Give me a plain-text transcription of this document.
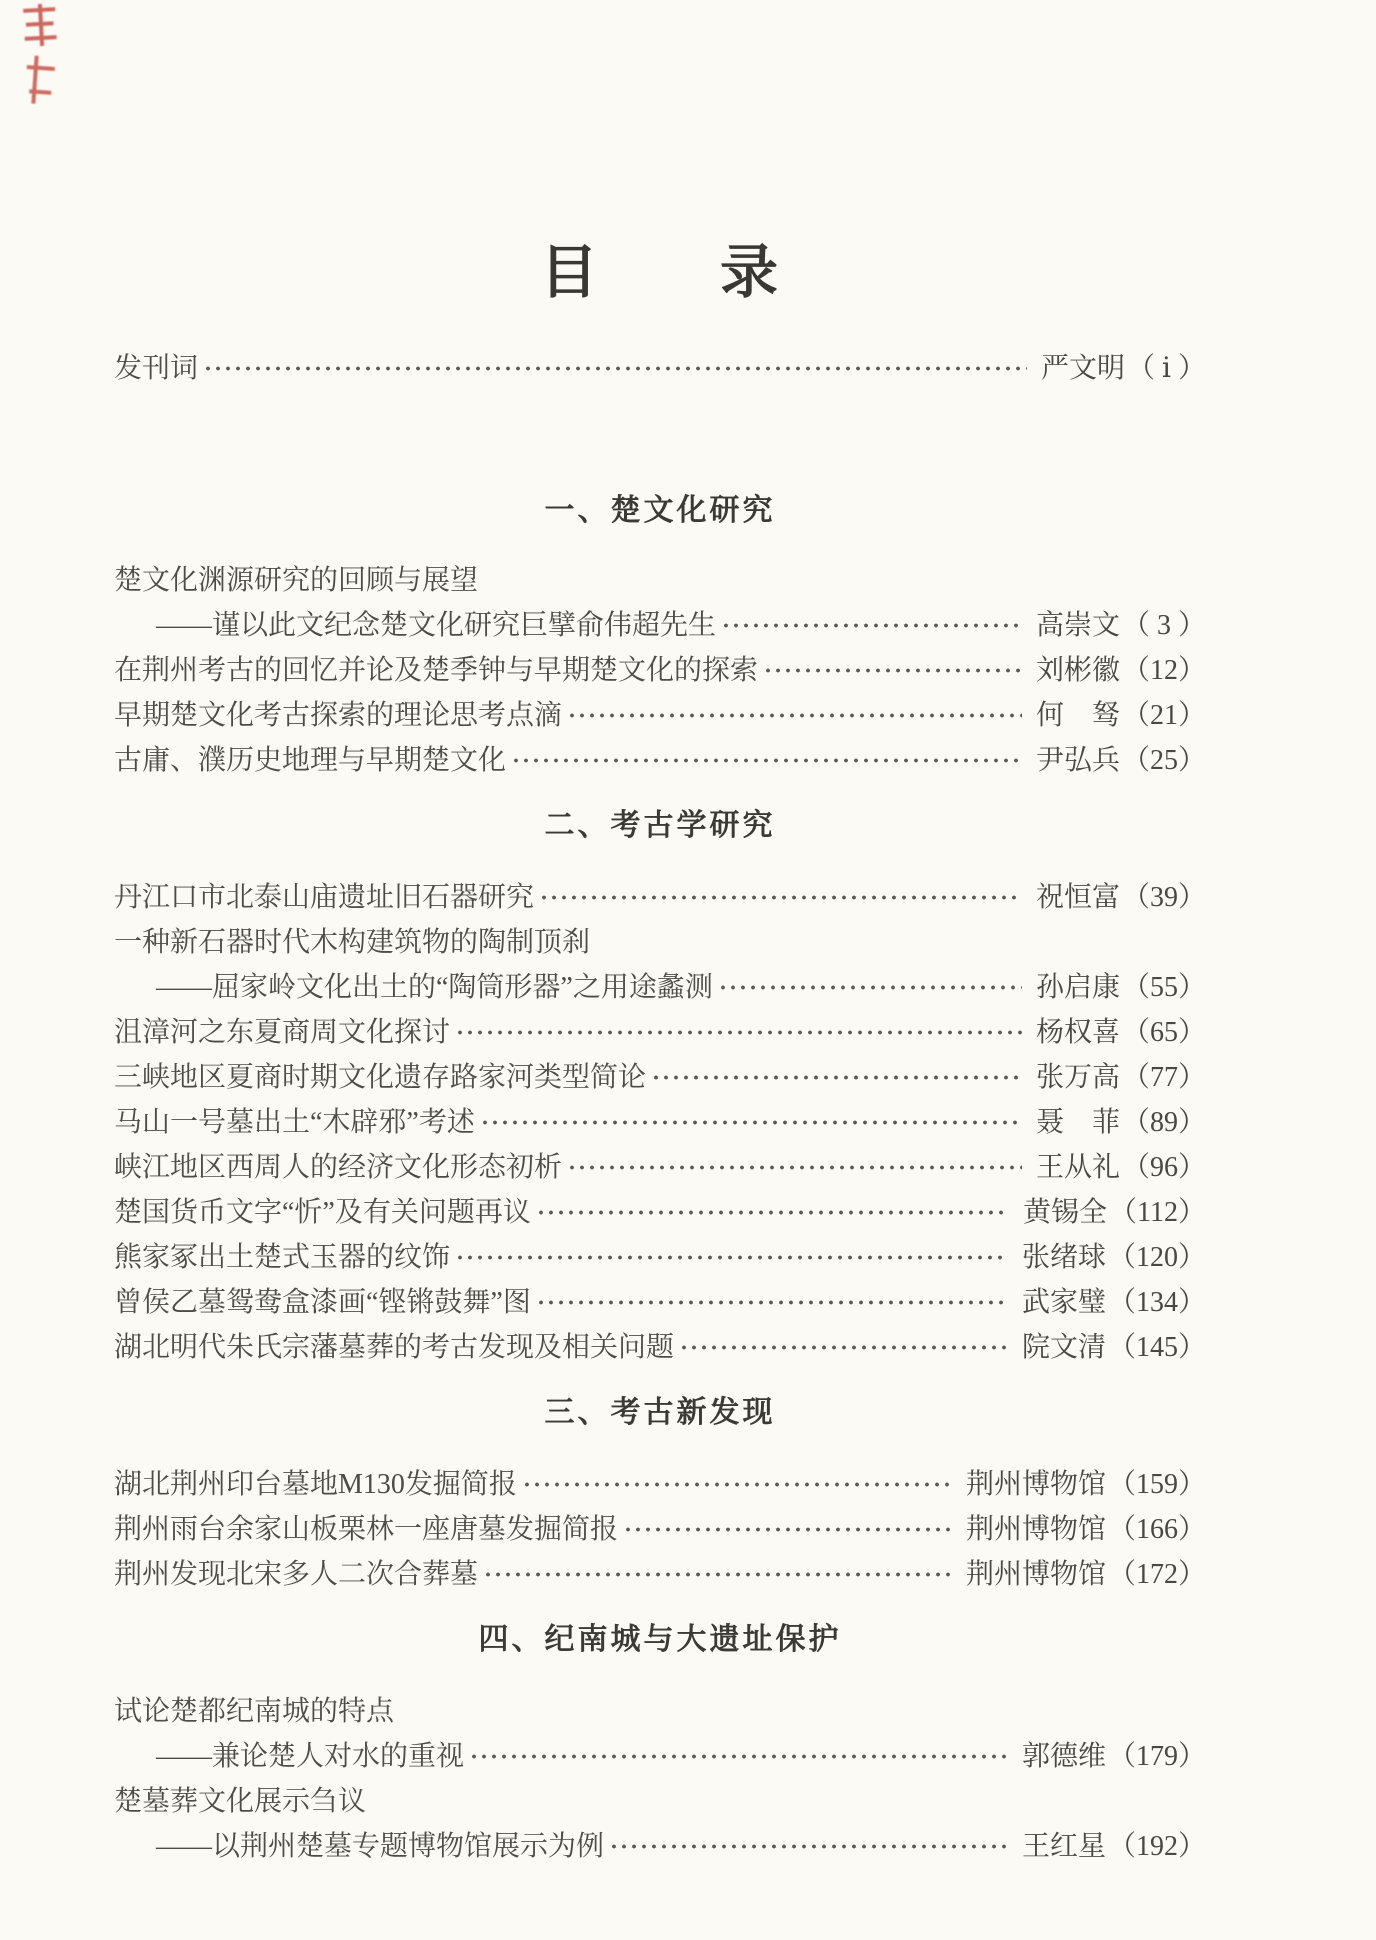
目　　录
发刊词	严文明（ ⅰ ）
一、楚文化研究
楚文化渊源研究的回顾与展望
——谨以此文纪念楚文化研究巨擘俞伟超先生	高崇文（ 3 ）
在荆州考古的回忆并论及楚季钟与早期楚文化的探索	刘彬徽（12）
早期楚文化考古探索的理论思考点滴	何　驽（21）
古庸、濮历史地理与早期楚文化	尹弘兵（25）
二、考古学研究
丹江口市北泰山庙遗址旧石器研究	祝恒富（39）
一种新石器时代木构建筑物的陶制顶刹
——屈家岭文化出土的“陶筒形器”之用途蠡测	孙启康（55）
沮漳河之东夏商周文化探讨	杨权喜（65）
三峡地区夏商时期文化遗存路家河类型简论	张万高（77）
马山一号墓出土“木辟邪”考述	聂　菲（89）
峡江地区西周人的经济文化形态初析	王从礼（96）
楚国货币文字“忻”及有关问题再议	黄锡全（112）
熊家冢出土楚式玉器的纹饰	张绪球（120）
曾侯乙墓鸳鸯盒漆画“铿锵鼓舞”图	武家璧（134）
湖北明代朱氏宗藩墓葬的考古发现及相关问题	院文清（145）
三、考古新发现
湖北荆州印台墓地M130发掘简报	荆州博物馆（159）
荆州雨台余家山板栗林一座唐墓发掘简报	荆州博物馆（166）
荆州发现北宋多人二次合葬墓	荆州博物馆（172）
四、纪南城与大遗址保护
试论楚都纪南城的特点
——兼论楚人对水的重视	郭德维（179）
楚墓葬文化展示刍议
——以荆州楚墓专题博物馆展示为例	王红星（192）
